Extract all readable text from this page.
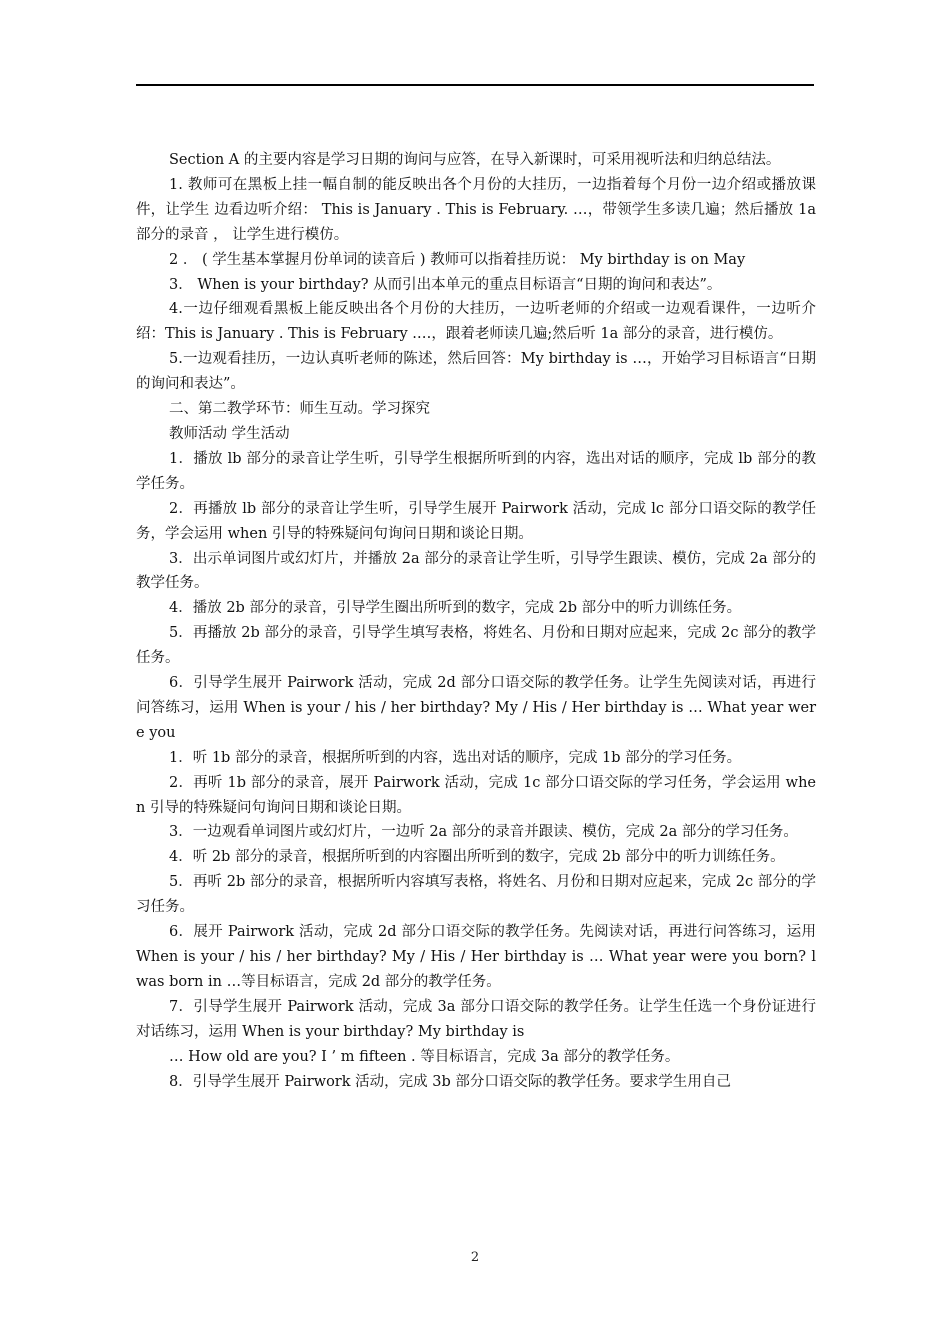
Section A 的主要内容是学习日期的询问与应答，在导入新课时，可采用视听法和归纳总结法。

1. 教师可在黑板上挂一幅自制的能反映出各个月份的大挂历，一边指着每个月份一边介绍或播放课件，让学生 边看边听介绍： This is January . This is February. …，带领学生多读几遍；然后播放 1a 部分的录音 ， 让学生进行模仿。

2 ． ( 学生基本掌握月份单词的读音后 ) 教师可以指着挂历说： My birthday is on May

3． When is your birthday? 从而引出本单元的重点目标语言“日期的询问和表达”。

4.一边仔细观看黑板上能反映出各个月份的大挂历，一边听老师的介绍或一边观看课件，一边听介绍：This is January . This is February .…，跟着老师读几遍;然后听 1a 部分的录音，进行模仿。

5.一边观看挂历，一边认真听老师的陈述，然后回答：My birthday is …，开始学习目标语言“日期的询问和表达”。

二、第二教学环节：师生互动。学习探究

教师活动 学生活动

1．播放 lb 部分的录音让学生听，引导学生根据所听到的内容，选出对话的顺序，完成 lb 部分的教学任务。

2．再播放 lb 部分的录音让学生听，引导学生展开 Pairwork 活动，完成 lc 部分口语交际的教学任务，学会运用 when 引导的特殊疑问句询问日期和谈论日期。

3．出示单词图片或幻灯片，并播放 2a 部分的录音让学生听，引导学生跟读、模仿，完成 2a 部分的教学任务。

4．播放 2b 部分的录音，引导学生圈出所听到的数字，完成 2b 部分中的听力训练任务。

5．再播放 2b 部分的录音，引导学生填写表格，将姓名、月份和日期对应起来，完成 2c 部分的教学任务。

6．引导学生展开 Pairwork 活动，完成 2d 部分口语交际的教学任务。让学生先阅读对话，再进行问答练习，运用 When is your / his / her birthday? My / His / Her birthday is … What year were you

1．听 1b 部分的录音，根据所听到的内容，选出对话的顺序，完成 1b 部分的学习任务。

2．再听 1b 部分的录音，展开 Pairwork 活动，完成 1c 部分口语交际的学习任务，学会运用 when 引导的特殊疑问句询问日期和谈论日期。

3．一边观看单词图片或幻灯片，一边听 2a 部分的录音并跟读、模仿，完成 2a 部分的学习任务。

4．听 2b 部分的录音，根据所听到的内容圈出所听到的数字，完成 2b 部分中的听力训练任务。

5．再听 2b 部分的录音，根据所听内容填写表格，将姓名、月份和日期对应起来，完成 2c 部分的学习任务。

6．展开 Pairwork 活动，完成 2d 部分口语交际的教学任务。先阅读对话，再进行问答练习，运用 When is your / his / her birthday? My / His / Her birthday is … What year were you born? l was born in …等目标语言，完成 2d 部分的教学任务。

7．引导学生展开 Pairwork 活动，完成 3a 部分口语交际的教学任务。让学生任选一个身份证进行对话练习，运用 When is your birthday? My birthday is

… How old are you? I ’ m fifteen . 等目标语言，完成 3a 部分的教学任务。

8．引导学生展开 Pairwork 活动，完成 3b 部分口语交际的教学任务。要求学生用自己

2
